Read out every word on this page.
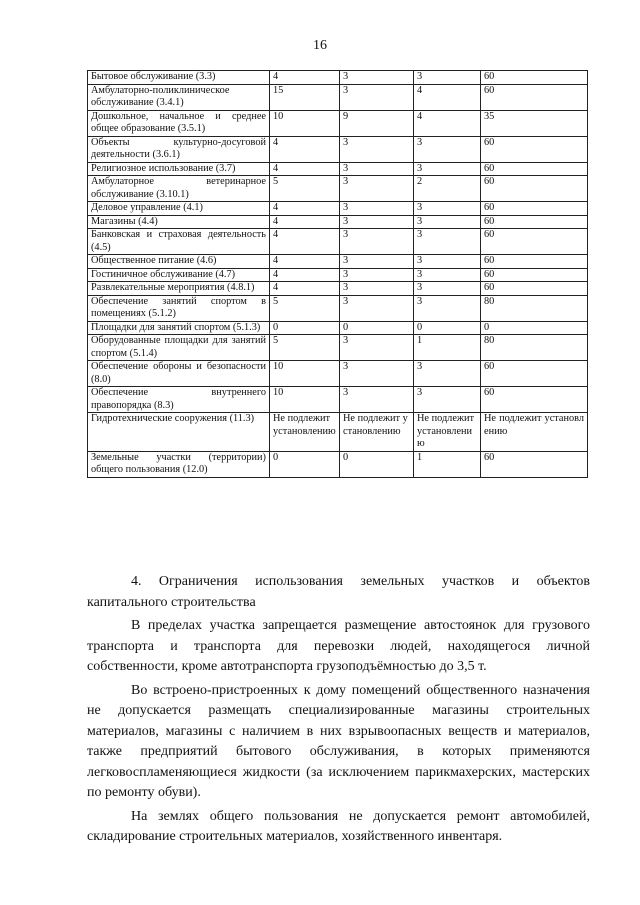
16
Бытовое обслуживание (3.3)	4	3	3	60
Амбулаторно-поликлиническое обслуживание (3.4.1)	15	3	4	60
Дошкольное, начальное и среднее общее образование (3.5.1)	10	9	4	35
Объекты культурно-досуговой деятельности (3.6.1)	4	3	3	60
Религиозное использование (3.7)	4	3	3	60
Амбулаторное ветеринарное обслуживание (3.10.1)	5	3	2	60
Деловое управление (4.1)	4	3	3	60
Магазины (4.4)	4	3	3	60
Банковская и страховая деятельность (4.5)	4	3	3	60
Общественное питание (4.6)	4	3	3	60
Гостиничное обслуживание (4.7)	4	3	3	60
Развлекательные мероприятия (4.8.1)	4	3	3	60
Обеспечение занятий спортом в помещениях (5.1.2)	5	3	3	80
Площадки для занятий спортом (5.1.3)	0	0	0	0
Оборудованные площадки для занятий спортом (5.1.4)	5	3	1	80
Обеспечение обороны и безопасности (8.0)	10	3	3	60
Обеспечение внутреннего правопорядка (8.3)	10	3	3	60
Гидротехнические сооружения (11.3)	Не подлежит установлению	Не подлежит установлению	Не подлежит установлению	Не подлежит установлению
Земельные участки (территории) общего пользования (12.0)	0	0	1	60

4. Ограничения использования земельных участков и объектов капитального строительства

В пределах участка запрещается размещение автостоянок для грузового транспорта и транспорта для перевозки людей, находящегося личной собственности, кроме автотранспорта грузоподъёмностью до 3,5 т.

Во встроено-пристроенных к дому помещений общественного назначения не допускается размещать специализированные магазины строительных материалов, магазины с наличием в них взрывоопасных веществ и материалов, также предприятий бытового обслуживания, в которых применяются легковоспламеняющиеся жидкости (за исключением парикмахерских, мастерских по ремонту обуви).

На землях общего пользования не допускается ремонт автомобилей, складирование строительных материалов, хозяйственного инвентаря.
